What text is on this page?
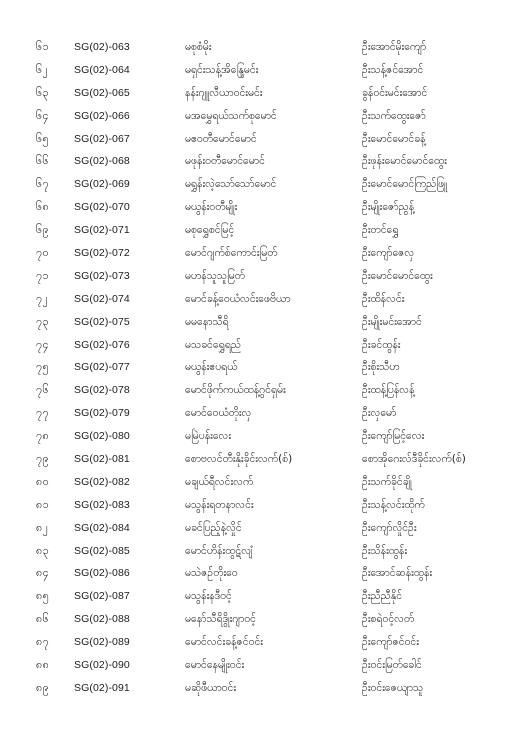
၆၁ SG(02)-063	မစုစံမိုး	ဦးအောင်မိုးကျော်
၆၂ SG(02)-064	မရှင်းသန့်အိန္ဒြေမင်း	ဦးသန့်ဇင်အောင်
၆၃ SG(02)-065	နန်းဂျူလီယာဝင်းမင်း	ခွန်ဝင်းမင်းအောင်
၆၄ SG(02)-066	မအမွှေရယ်သက်စုမောင်	ဦးသက်ထွေးဇော်
၆၅ SG(02)-067	မဧဝတီမောင်မောင်	ဦးမောင်မောင်ခန့်
၆၆ SG(02)-068	မဖုန်းဝတီမောင်မောင်	ဦးဖုန်းမောင်မောင်ထွေး
၆၇ SG(02)-069	မရွှန်းလဲ့သော်သော်မောင်	ဦးမောင်မောင်ကြည်ဖြူ
၆၈ SG(02)-070	မယွန်းဝတီမျိုး	ဦးမျိုးဇော်ညွန့်
၆၉ SG(02)-071	မစုရွှေစင်မြင့်	ဦးတင်ရွှေ
၇၀ SG(02)-072	မောင်ဂျက်စ်ကောင်းမြတ်	ဦးကျော်ဇေလှ
၇၁ SG(02)-073	မဟန်သူသူမြတ်	ဦးမောင်မောင်ထွေး
၇၂ SG(02)-074	မောင်ခန့်ဝေယံလင်းဖေဗိယာ	ဦးထိန်လင်း
၇၃ SG(02)-075	မမနောသီရိ	ဦးမျိုးမင်းအောင်
၇၄ SG(02)-076	မသခင်ရွှေရည်	ဦးခင်ထွန်း
၇၅ SG(02)-077	မယွန်းဧပရယ်	ဦးစိုးသီဟ
၇၆ SG(02)-078	မောင်ဖိုက်ကယ်ထန့်ဂွင်ရှမ်း	ဦးထန့်ပြန်လန့်
၇၇ SG(02)-079	မောင်ဝေယံတိုးလှ	ဦးလှမော်
၇၈ SG(02)-080	မမြဲပန်းလေး	ဦးကျော်မြင့်လေး
၇၉ SG(02)-081	စောဗလင်တီးနိုးခိုင်းလက်(စ်)	စောအိုဂေးလ်ဒီခိုင်းလက်(စ်)
၈၀ SG(02)-082	မချယ်ရီလင်းလက်	ဦးသက်ခိုင်ချို
၈၁ SG(02)-083	မသွန်းရတနာလင်း	ဦးသန့်လင်းထိုက်
၈၂ SG(02)-084	မခင်ပြည့်နဲ့လှိုင်	ဦးကျော်လှိုင်ဦး
၈၃ SG(02)-085	မောင်ဟိန်းထွဋ်လျံ	ဦးသိန်းထွန်း
၈၄ SG(02)-086	မသဲဇဉ်တိုးဝေ	ဦးအောင်ဆန်းထွန်း
၈၅ SG(02)-087	မသွန်းနဒီဝင့်	ဦးညီညီနိုင်
၈၆ SG(02)-088	မနော်သီရိဒွိုးဂျာဝင့်	ဦးစရဲဝင့်လတ်
၈၇ SG(02)-089	မောင်လင်းခန့်ဇင်ဝင်း	ဦးကျော်ဇင်ဝင်း
၈၈ SG(02)-090	မောင်နေမျိုးဝင်း	ဦးဝင်းမြတ်ခေါင်
၈၉ SG(02)-091	မဆိုဖီယာဝင်း	ဦးဝင်းဇေယျာသူ
